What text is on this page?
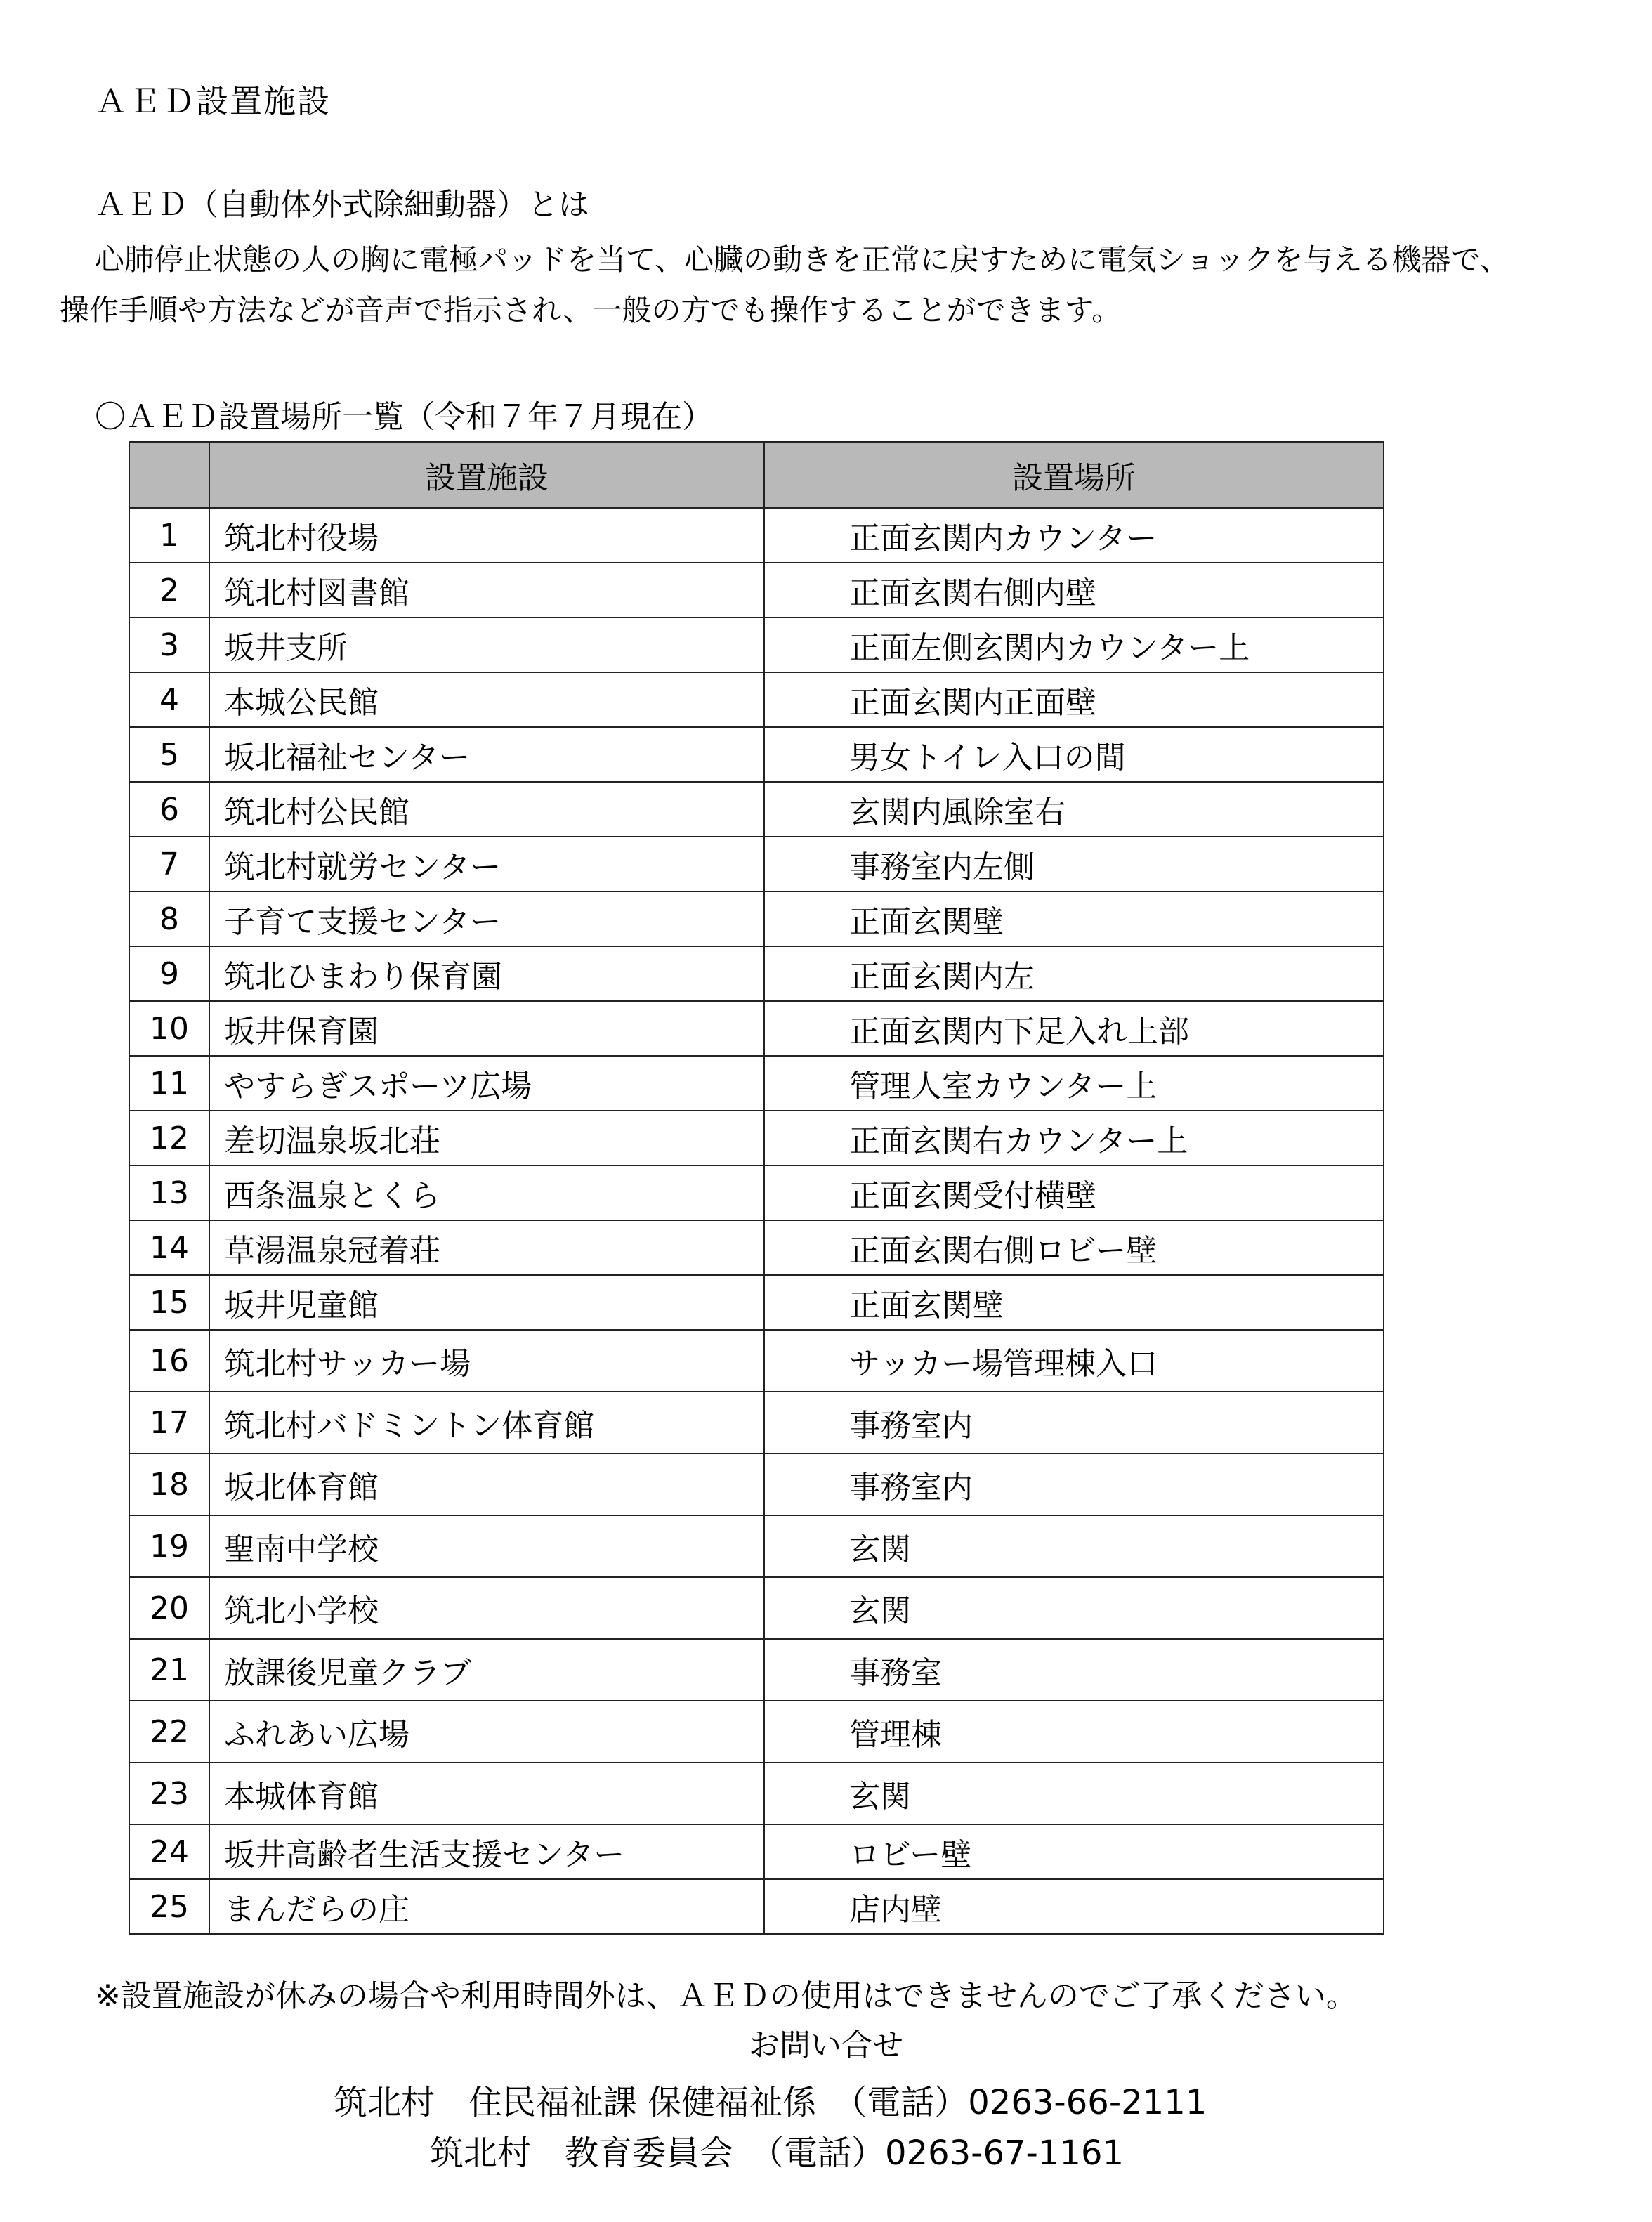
ＡＥＤ設置施設
ＡＥＤ（自動体外式除細動器）とは
心肺停止状態の人の胸に電極パッドを当て、心臓の動きを正常に戻すために電気ショックを与える機器で、
操作手順や方法などが音声で指示され、一般の方でも操作することができます。
〇ＡＥＤ設置場所一覧（令和７年７月現在）
	設置施設	設置場所
1	筑北村役場	正面玄関内カウンター
2	筑北村図書館	正面玄関右側内壁
3	坂井支所	正面左側玄関内カウンター上
4	本城公民館	正面玄関内正面壁
5	坂北福祉センター	男女トイレ入口の間
6	筑北村公民館	玄関内風除室右
7	筑北村就労センター	事務室内左側
8	子育て支援センター	正面玄関壁
9	筑北ひまわり保育園	正面玄関内左
10	坂井保育園	正面玄関内下足入れ上部
11	やすらぎスポーツ広場	管理人室カウンター上
12	差切温泉坂北荘	正面玄関右カウンター上
13	西条温泉とくら	正面玄関受付横壁
14	草湯温泉冠着荘	正面玄関右側ロビー壁
15	坂井児童館	正面玄関壁
16	筑北村サッカー場	サッカー場管理棟入口
17	筑北村バドミントン体育館	事務室内
18	坂北体育館	事務室内
19	聖南中学校	玄関
20	筑北小学校	玄関
21	放課後児童クラブ	事務室
22	ふれあい広場	管理棟
23	本城体育館	玄関
24	坂井高齢者生活支援センター	ロビー壁
25	まんだらの庄	店内壁
※設置施設が休みの場合や利用時間外は、ＡＥＤの使用はできませんのでご了承ください。
お問い合せ
筑北村　住民福祉課 保健福祉係　（電話）0263-66-2111
筑北村　教育委員会　（電話）0263-67-1161
